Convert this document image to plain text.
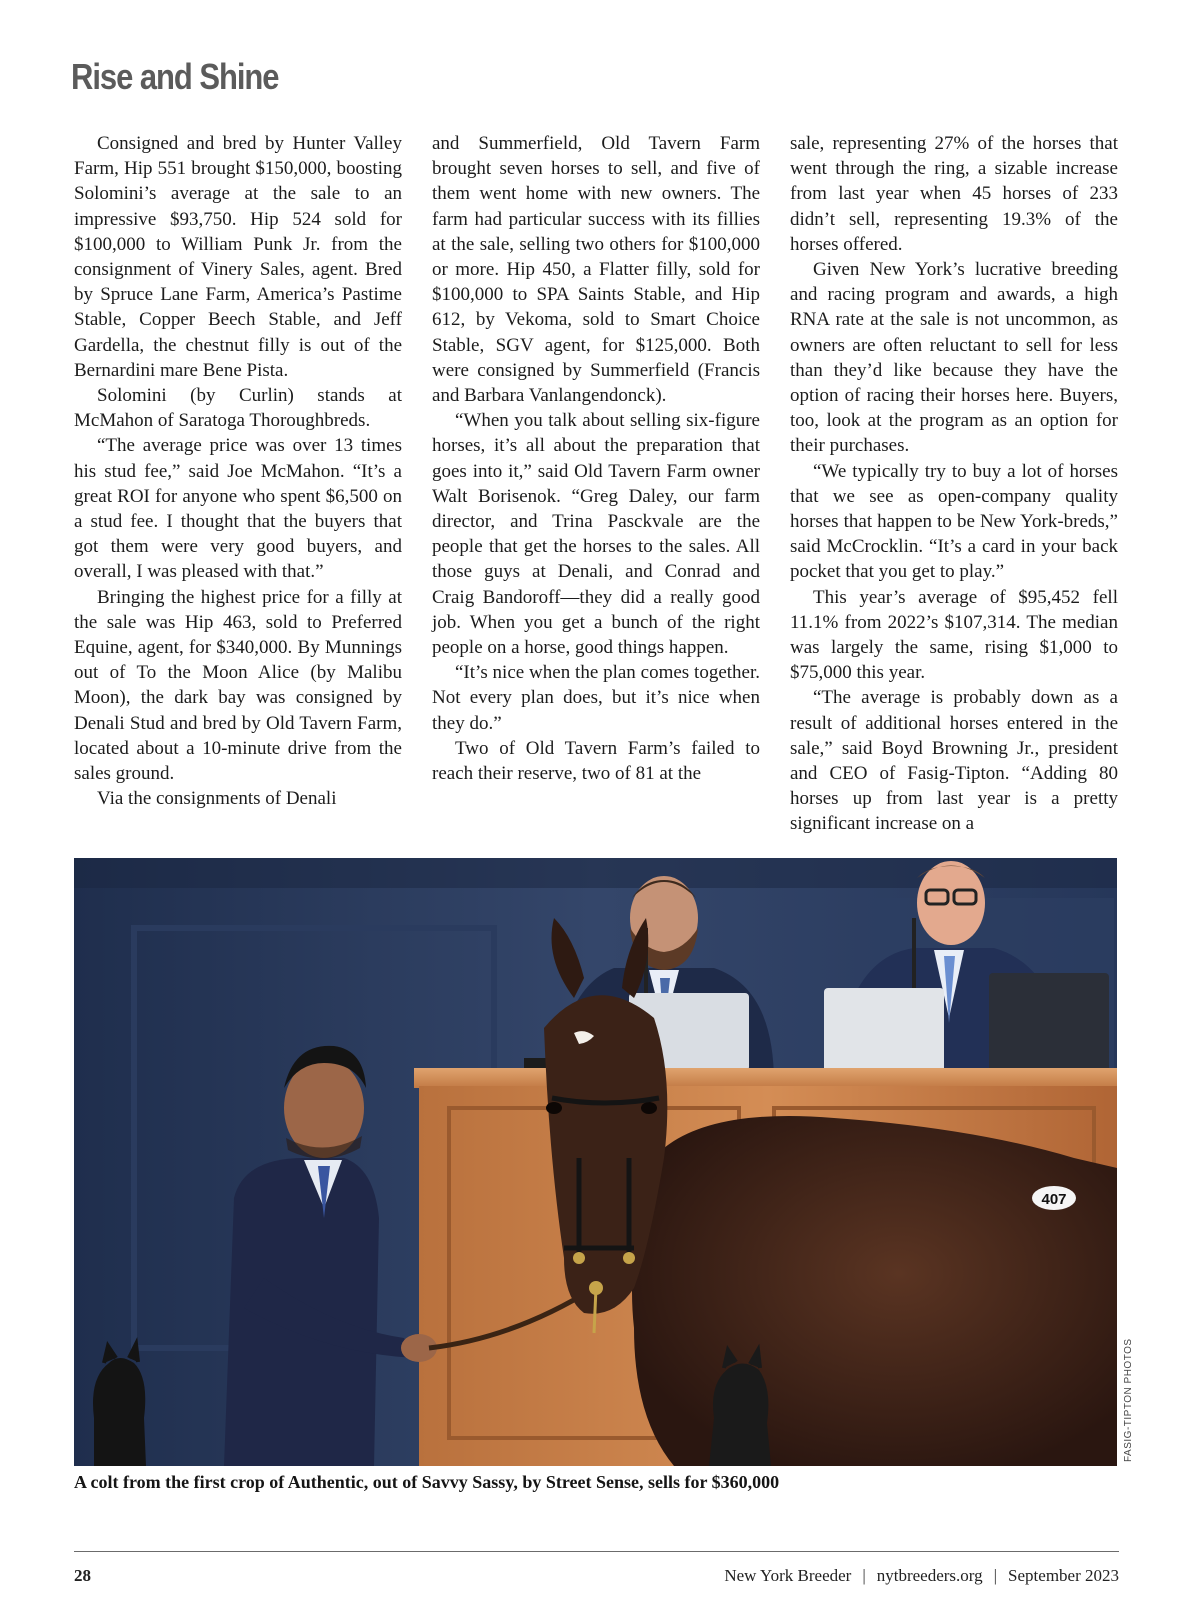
Rise and Shine

Consigned and bred by Hunter Valley Farm, Hip 551 brought $150,000, boosting Solomini’s average at the sale to an impressive $93,750. Hip 524 sold for $100,000 to William Punk Jr. from the consignment of Vinery Sales, agent. Bred by Spruce Lane Farm, America’s Pastime Stable, Copper Beech Stable, and Jeff Gardella, the chestnut filly is out of the Bernardini mare Bene Pista.

Solomini (by Curlin) stands at McMahon of Saratoga Thoroughbreds.

“The average price was over 13 times his stud fee,” said Joe McMahon. “It’s a great ROI for anyone who spent $6,500 on a stud fee. I thought that the buyers that got them were very good buyers, and overall, I was pleased with that.”

Bringing the highest price for a filly at the sale was Hip 463, sold to Preferred Equine, agent, for $340,000. By Munnings out of To the Moon Alice (by Malibu Moon), the dark bay was consigned by Denali Stud and bred by Old Tavern Farm, located about a 10-minute drive from the sales ground.

Via the consignments of Denali

and Summerfield, Old Tavern Farm brought seven horses to sell, and five of them went home with new owners. The farm had particular success with its fillies at the sale, selling two others for $100,000 or more. Hip 450, a Flatter filly, sold for $100,000 to SPA Saints Stable, and Hip 612, by Vekoma, sold to Smart Choice Stable, SGV agent, for $125,000. Both were consigned by Summerfield (Francis and Barbara Vanlangendonck).

“When you talk about selling six-figure horses, it’s all about the preparation that goes into it,” said Old Tavern Farm owner Walt Borisenok. “Greg Daley, our farm director, and Trina Pasckvale are the people that get the horses to the sales. All those guys at Denali, and Conrad and Craig Bandoroff—they did a really good job. When you get a bunch of the right people on a horse, good things happen.

“It’s nice when the plan comes together. Not every plan does, but it’s nice when they do.”

Two of Old Tavern Farm’s failed to reach their reserve, two of 81 at the

sale, representing 27% of the horses that went through the ring, a sizable increase from last year when 45 horses of 233 didn’t sell, representing 19.3% of the horses offered.

Given New York’s lucrative breeding and racing program and awards, a high RNA rate at the sale is not uncommon, as owners are often reluctant to sell for less than they’d like because they have the option of racing their horses here. Buyers, too, look at the program as an option for their purchases.

“We typically try to buy a lot of horses that we see as open-company quality horses that happen to be New York-breds,” said McCrocklin. “It’s a card in your back pocket that you get to play.”

This year’s average of $95,452 fell 11.1% from 2022’s $107,314. The median was largely the same, rising $1,000 to $75,000 this year.

“The average is probably down as a result of additional horses entered in the sale,” said Boyd Browning Jr., president and CEO of Fasig-Tipton. “Adding 80 horses up from last year is a pretty significant increase on a

407
FASIG-TIPTON PHOTOS

A colt from the first crop of Authentic, out of Savvy Sassy, by Street Sense, sells for $360,000

28	New York Breeder | nytbreeders.org | September 2023
